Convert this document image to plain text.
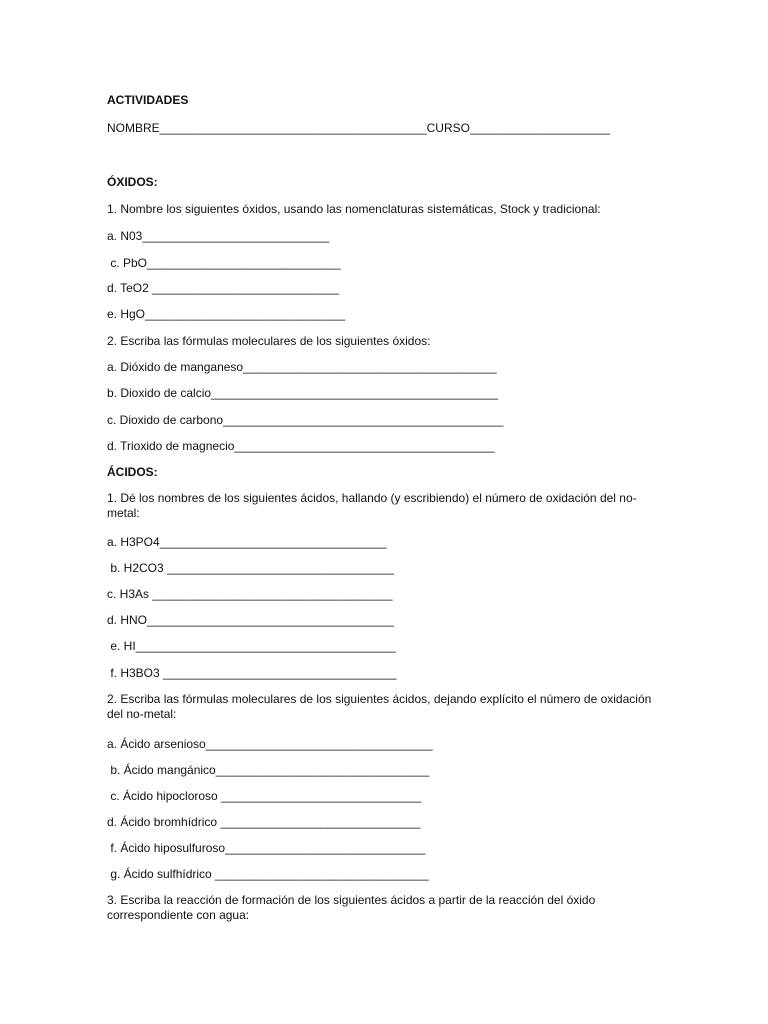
ACTIVIDADES

NOMBRE________________________________________CURSO_____________________

ÓXIDOS:

1. Nombre los siguientes óxidos, usando las nomenclaturas sistemáticas, Stock y tradicional:

a. N03____________________________

c. PbO_____________________________

d. TeO2 ____________________________

e. HgO______________________________

2. Escriba las fórmulas moleculares de los siguientes óxidos:

a. Dióxido de manganeso______________________________________

b. Dioxido de calcio___________________________________________

c. Dioxido de carbono__________________________________________

d. Trioxido de magnecio_______________________________________

ÁCIDOS:

1. Dé los nombres de los siguientes ácidos, hallando (y escribiendo) el número de oxidación del no-metal:

a. H3PO4__________________________________

b. H2CO3 __________________________________

c. H3As ____________________________________

d. HNO_____________________________________

e. HI_______________________________________

f. H3BO3 ___________________________________

2. Escriba las fórmulas moleculares de los siguientes ácidos, dejando explícito el número de oxidación del no-metal:

a. Ácido arsenioso__________________________________

b. Ácido mangánico________________________________

c. Ácido hipocloroso ______________________________

d. Ácido bromhídrico ______________________________

f. Ácido hiposulfuroso______________________________

g. Ácido sulfhídrico ________________________________

3. Escriba la reacción de formación de los siguientes ácidos a partir de la reacción del óxido correspondiente con agua:
